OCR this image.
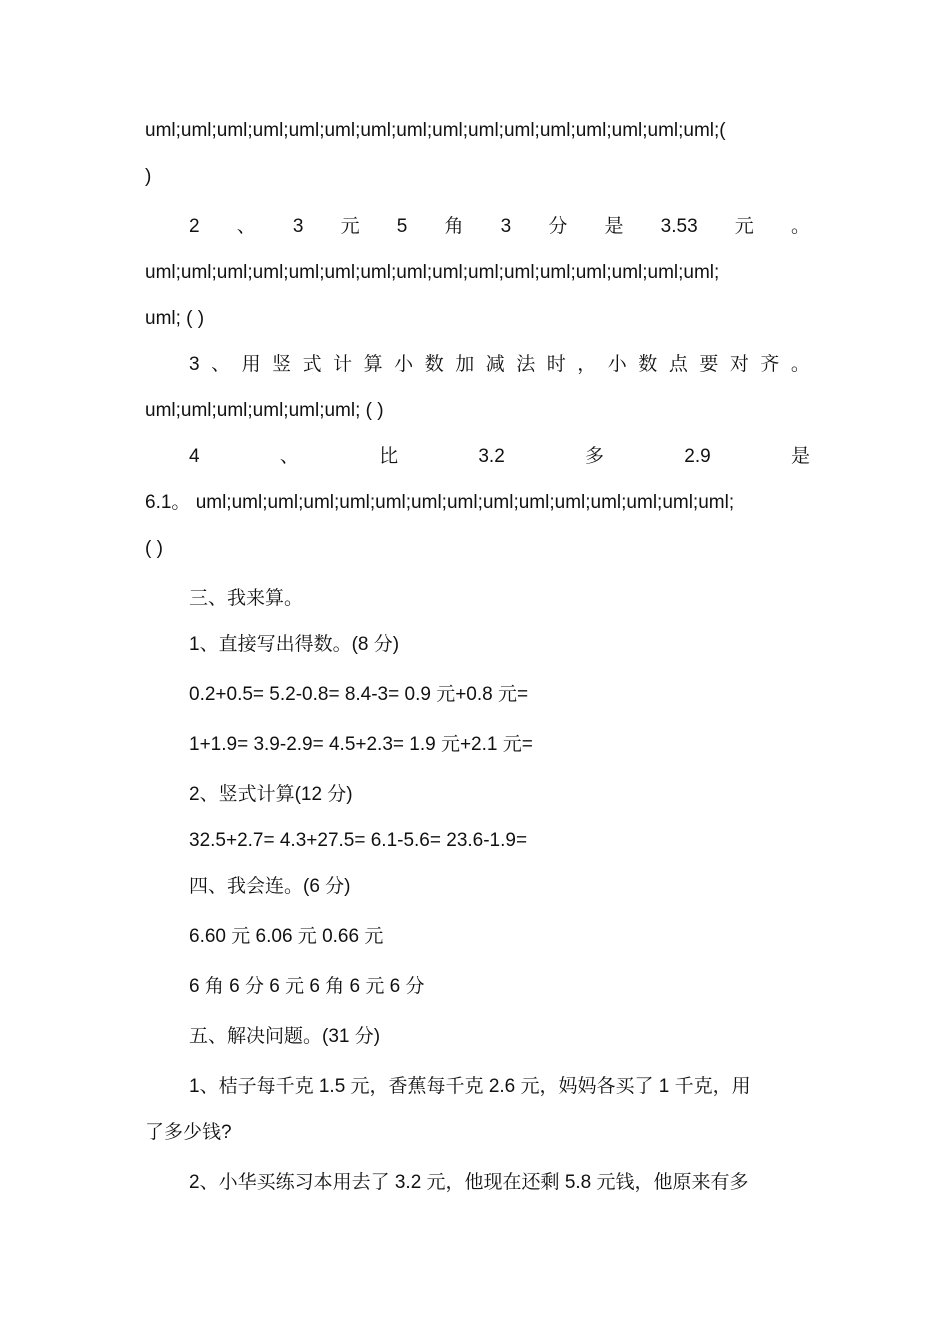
uml;uml;uml;uml;uml;uml;uml;uml;uml;uml;uml;uml;uml;uml;uml;uml;(
)
2 、 3 元 5 角 3 分 是 3.53 元 。
uml;uml;uml;uml;uml;uml;uml;uml;uml;uml;uml;uml;uml;uml;uml;uml;
uml; ( )
3 、 用 竖 式 计 算 小 数 加 减 法 时 ， 小 数 点 要 对 齐 。
uml;uml;uml;uml;uml;uml; ( )
4	、	比	3.2	多	2.9	是
6.1。 uml;uml;uml;uml;uml;uml;uml;uml;uml;uml;uml;uml;uml;uml;uml;
( )
三、我来算。
1、直接写出得数。(8 分)
0.2+0.5= 5.2-0.8= 8.4-3= 0.9 元+0.8 元=
1+1.9= 3.9-2.9= 4.5+2.3= 1.9 元+2.1 元=
2、竖式计算(12 分)
32.5+2.7= 4.3+27.5= 6.1-5.6= 23.6-1.9=
四、我会连。(6 分)
6.60 元 6.06 元 0.66 元
6 角 6 分 6 元 6 角 6 元 6 分
五、解决问题。(31 分)
1、桔子每千克 1.5 元，香蕉每千克 2.6 元，妈妈各买了 1 千克，用
了多少钱?
2、小华买练习本用去了 3.2 元，他现在还剩 5.8 元钱，他原来有多
